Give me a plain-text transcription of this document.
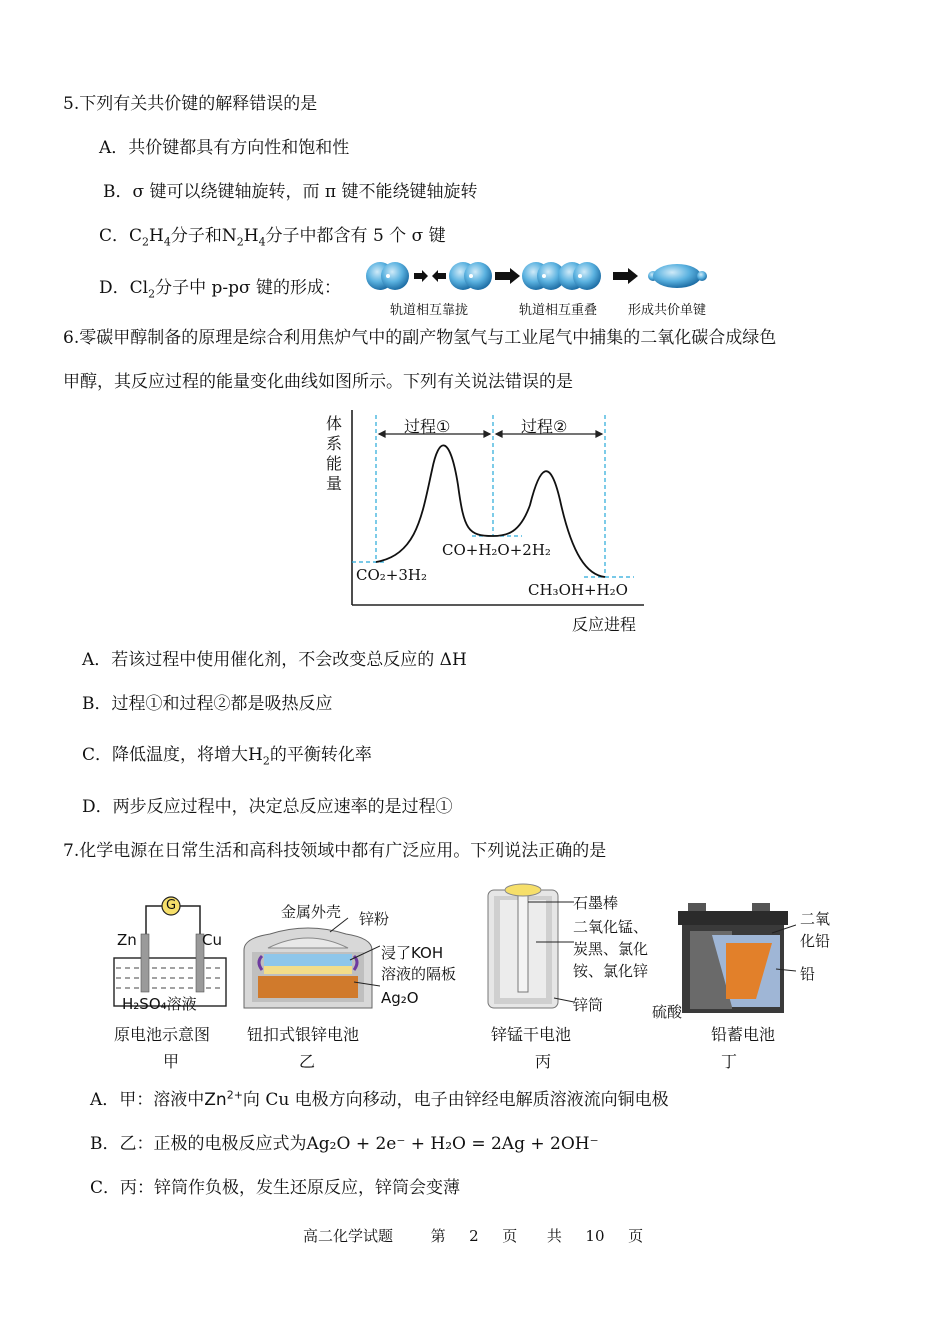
5.下列有关共价键的解释错误的是
A．共价键都具有方向性和饱和性
B．σ 键可以绕键轴旋转，而 π 键不能绕键轴旋转
C．$C_2H_4$分子和$N_2H_4$分子中都含有 5 个 σ 键
D．$Cl_2$分子中 p-pσ 键的形成：
轨道相互靠拢	轨道相互重叠 形成共价单键
6.零碳甲醇制备的原理是综合利用焦炉气中的副产物氢气与工业尾气中捕集的二氧化碳合成绿色
甲醇，其反应过程的能量变化曲线如图所示。下列有关说法错误的是
体系能量
过程①	过程②
CO₂+3H₂
CO+H₂O+2H₂
CH₃OH+H₂O
反应进程
A．若该过程中使用催化剂，不会改变总反应的 ΔH
B．过程①和过程②都是吸热反应
C．降低温度，将增大$H_2$的平衡转化率
D．两步反应过程中，决定总反应速率的是过程①
7.化学电源在日常生活和高科技领域中都有广泛应用。下列说法正确的是
G
Zn	Cu
H₂SO₄溶液
原电池示意图
甲
金属外壳 锌粉
浸了KOH
溶液的隔板
Ag₂O
钮扣式银锌电池
乙
石墨棒
二氧化锰、
炭黑、氯化
铵、氯化锌
锌筒
锌锰干电池
丙
二氧
化铅
铅
硫酸
铅蓄电池
丁
A．甲：溶液中$Zn^{2+}$向 Cu 电极方向移动，电子由锌经电解质溶液流向铜电极
B．乙：正极的电极反应式为Ag₂O + 2e⁻ + H₂O = 2Ag + 2OH⁻
C．丙：锌筒作负极，发生还原反应，锌筒会变薄
高二化学试题	第 2 页 共 10 页
